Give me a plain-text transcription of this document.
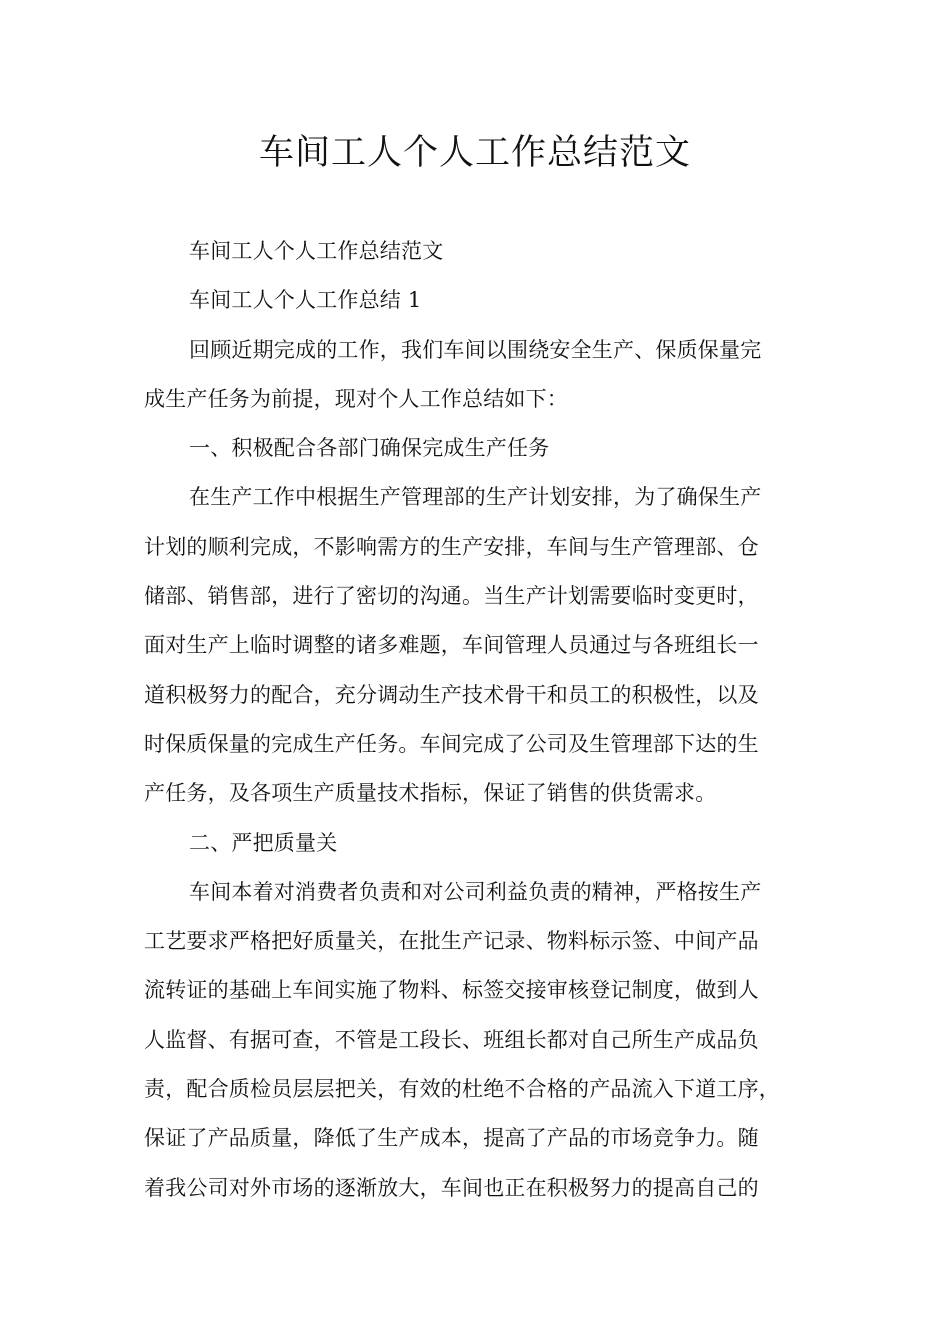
车间工人个人工作总结范文
车间工人个人工作总结范文
车间工人个人工作总结 1
回顾近期完成的工作，我们车间以围绕安全生产、保质保量完
成生产任务为前提，现对个人工作总结如下：
一、积极配合各部门确保完成生产任务
在生产工作中根据生产管理部的生产计划安排，为了确保生产
计划的顺利完成，不影响需方的生产安排，车间与生产管理部、仓
储部、销售部，进行了密切的沟通。当生产计划需要临时变更时，
面对生产上临时调整的诸多难题，车间管理人员通过与各班组长一
道积极努力的配合，充分调动生产技术骨干和员工的积极性，以及
时保质保量的完成生产任务。车间完成了公司及生管理部下达的生
产任务，及各项生产质量技术指标，保证了销售的供货需求。
二、严把质量关
车间本着对消费者负责和对公司利益负责的精神，严格按生产
工艺要求严格把好质量关，在批生产记录、物料标示签、中间产品
流转证的基础上车间实施了物料、标签交接审核登记制度，做到人
人监督、有据可查，不管是工段长、班组长都对自己所生产成品负
责，配合质检员层层把关，有效的杜绝不合格的产品流入下道工序，
保证了产品质量，降低了生产成本，提高了产品的市场竞争力。随
着我公司对外市场的逐渐放大，车间也正在积极努力的提高自己的
